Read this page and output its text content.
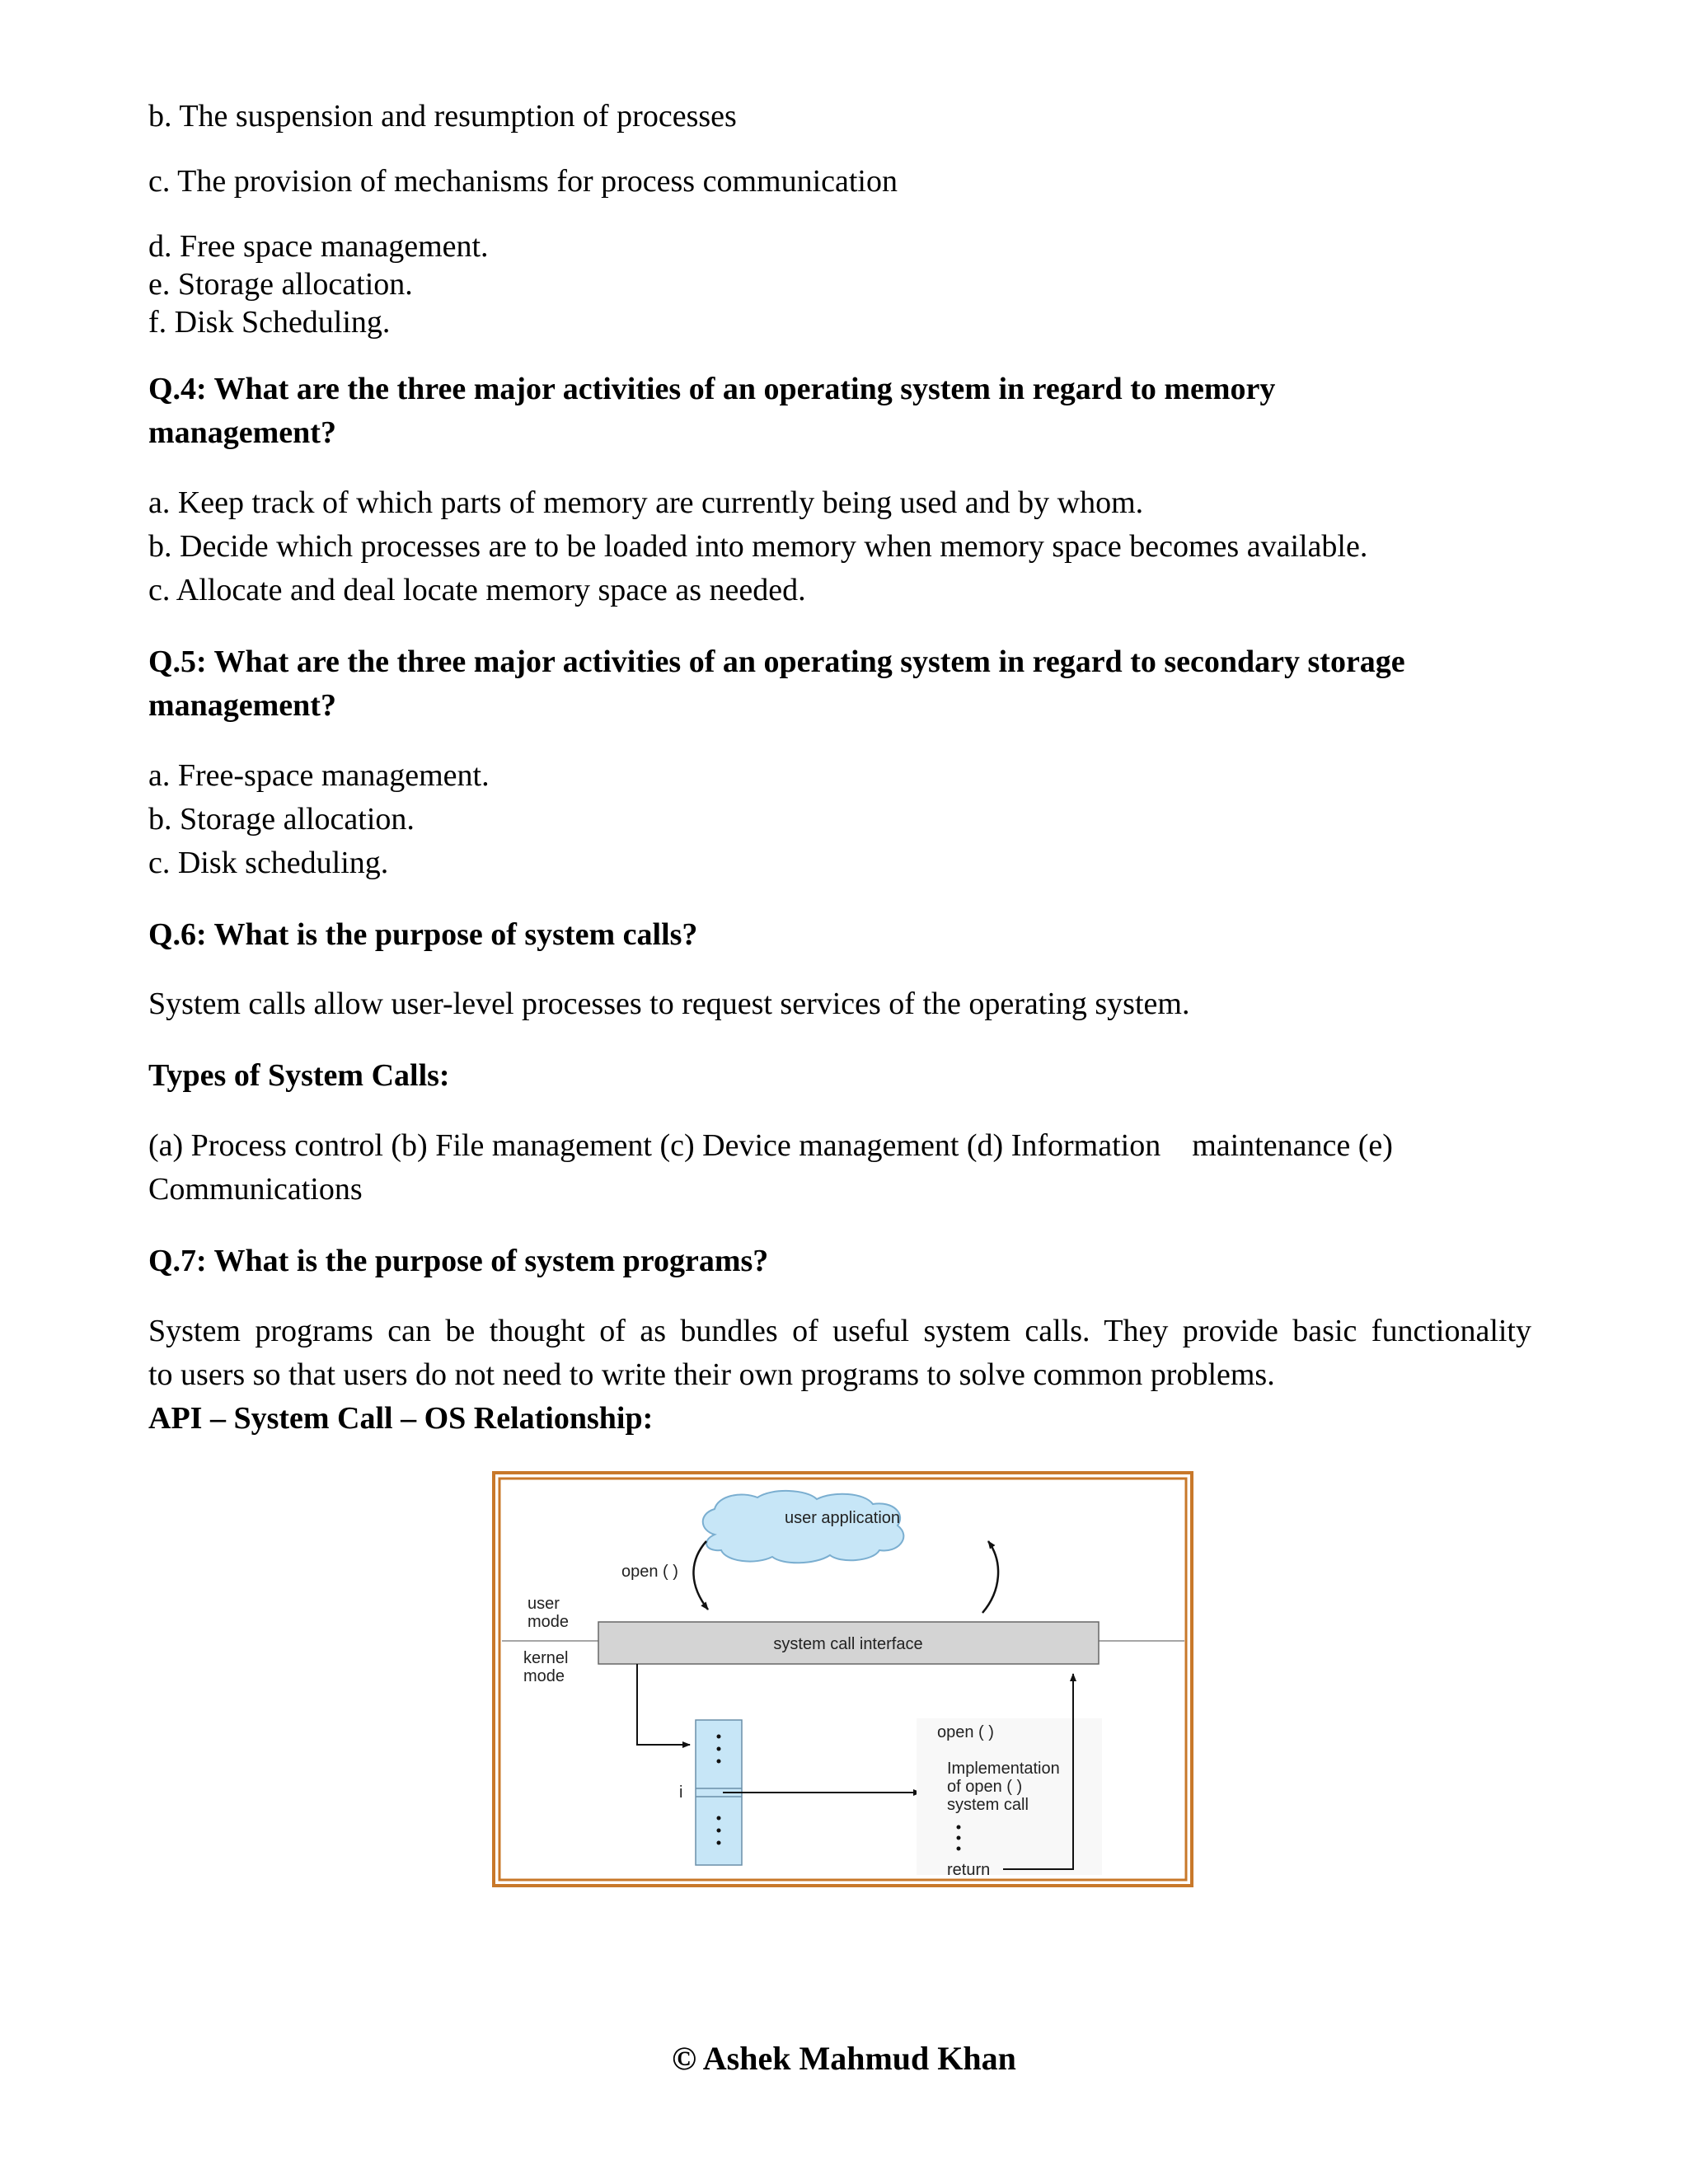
b. The suspension and resumption of processes

c. The provision of mechanisms for process communication

d. Free space management.

e. Storage allocation.

f. Disk Scheduling.

Q.4: What are the three major activities of an operating system in regard to memory

management?

a. Keep track of which parts of memory are currently being used and by whom.

b. Decide which processes are to be loaded into memory when memory space becomes available.

c. Allocate and deal locate memory space as needed.

Q.5: What are the three major activities of an operating system in regard to secondary storage

management?

a. Free-space management.

b. Storage allocation.

c. Disk scheduling.

Q.6: What is the purpose of system calls?

System calls allow user-level processes to request services of the operating system.

Types of System Calls:

(a) Process control (b) File management (c) Device management (d) Information    maintenance (e)

Communications

Q.7: What is the purpose of system programs?

System programs can be thought of as bundles of useful system calls. They provide basic functionality

to users so that users do not need to write their own programs to solve common problems.

API – System Call – OS Relationship:

user application
user
mode
kernel
mode
open ( )
system call interface
i
open ( )
Implementation
of open ( )
system call
return
© Ashek Mahmud Khan
